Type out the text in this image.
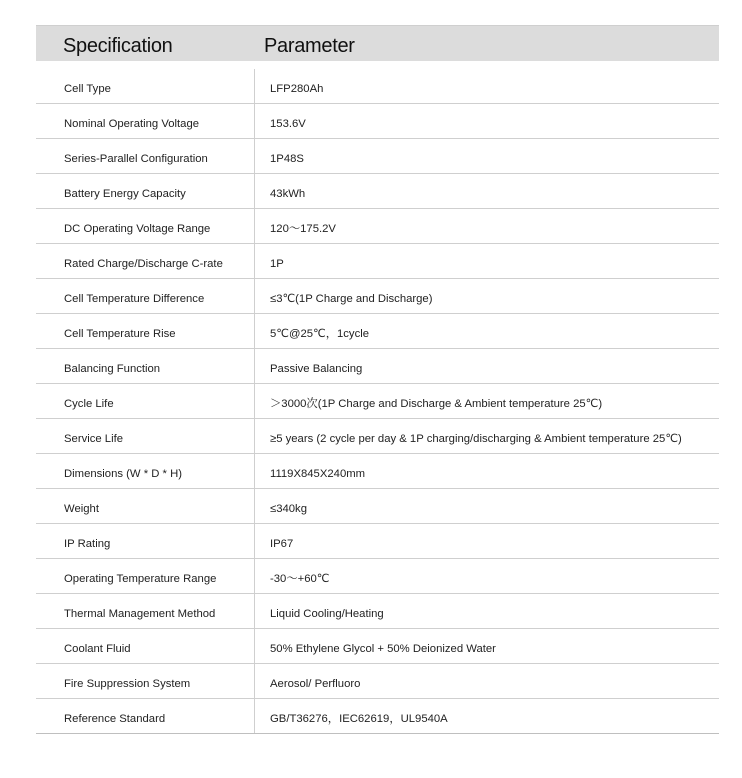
Specification	Parameter
Cell Type	LFP280Ah
Nominal Operating Voltage	153.6V
Series-Parallel Configuration	1P48S
Battery Energy Capacity	43kWh
DC Operating Voltage Range	120～175.2V
Rated Charge/Discharge C-rate	1P
Cell Temperature Difference	≤3℃(1P Charge and Discharge)
Cell Temperature Rise	5℃@25℃，1cycle
Balancing Function	Passive Balancing
Cycle Life	＞3000次(1P Charge and Discharge & Ambient temperature 25℃)
Service Life	≥5 years (2 cycle per day & 1P charging/discharging & Ambient temperature 25℃)
Dimensions (W * D * H)	1119X845X240mm
Weight	≤340kg
IP Rating	IP67
Operating Temperature Range	-30～+60℃
Thermal Management Method	Liquid Cooling/Heating
Coolant Fluid	50% Ethylene Glycol + 50% Deionized Water
Fire Suppression System	Aerosol/ Perfluoro
Reference Standard	GB/T36276，IEC62619，UL9540A
